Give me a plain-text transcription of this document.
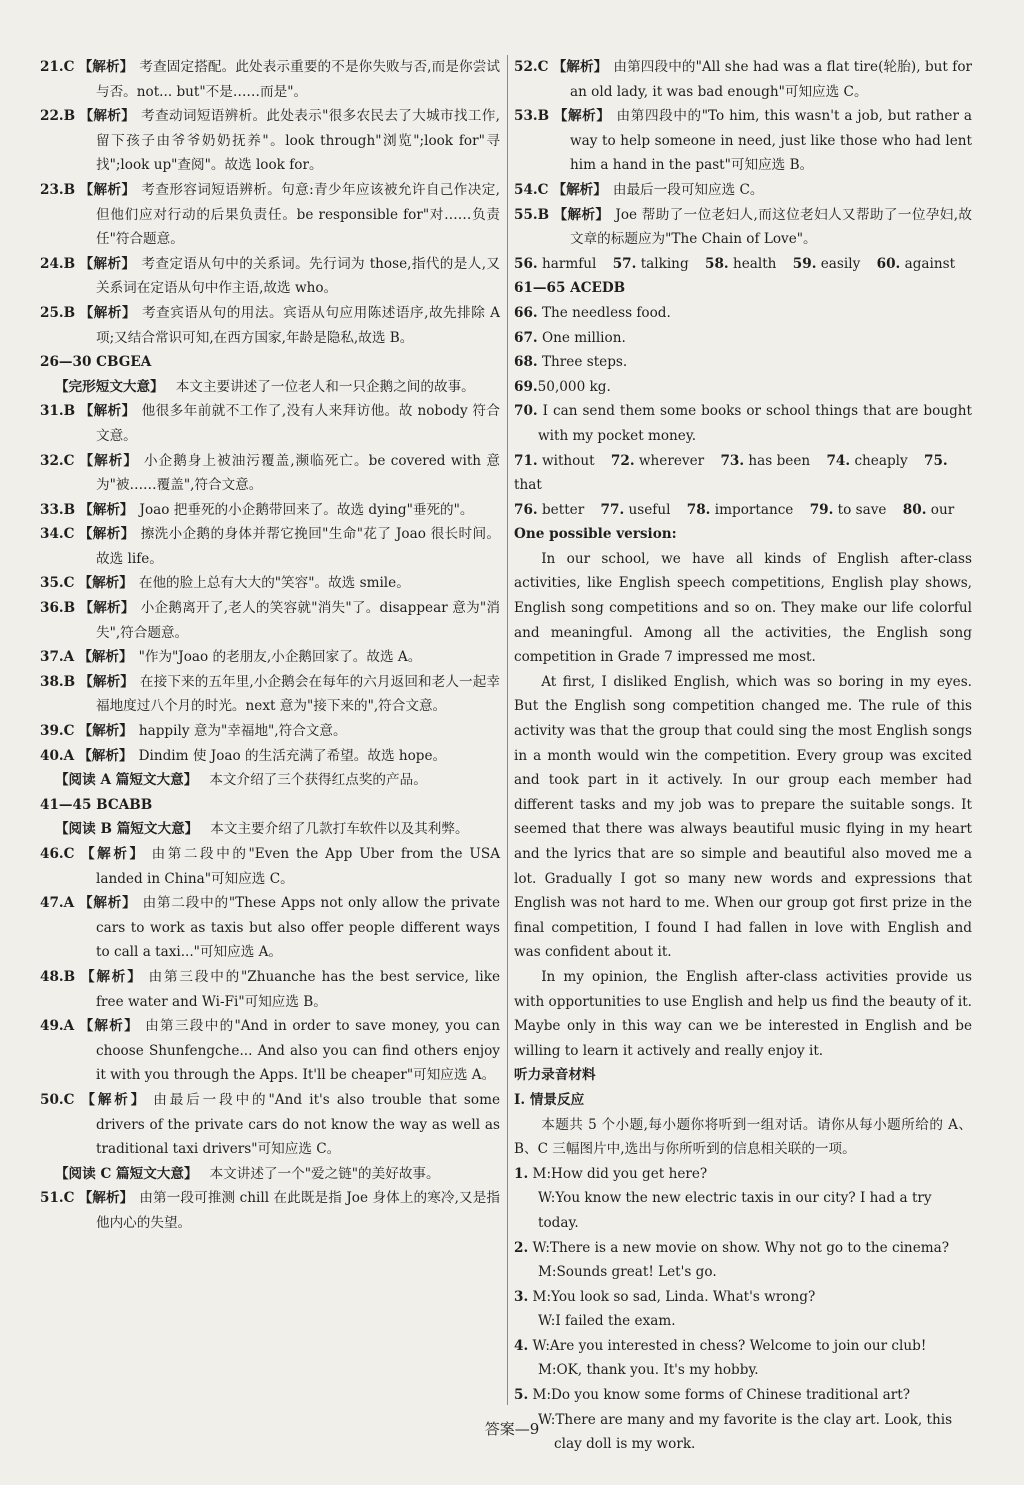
21.C 【解析】 考查固定搭配。此处表示重要的不是你失败与否,而是你尝试与否。not... but"不是……而是"。
22.B 【解析】 考查动词短语辨析。此处表示"很多农民去了大城市找工作,留下孩子由爷爷奶奶抚养"。look through"浏览";look for"寻找";look up"查阅"。故选 look for。
23.B 【解析】 考查形容词短语辨析。句意:青少年应该被允许自己作决定,但他们应对行动的后果负责任。be responsible for"对……负责任"符合题意。
24.B 【解析】 考查定语从句中的关系词。先行词为 those,指代的是人,又关系词在定语从句中作主语,故选 who。
25.B 【解析】 考查宾语从句的用法。宾语从句应用陈述语序,故先排除 A 项;又结合常识可知,在西方国家,年龄是隐私,故选 B。
26—30 CBGEA
【完形短文大意】 本文主要讲述了一位老人和一只企鹅之间的故事。
31.B 【解析】 他很多年前就不工作了,没有人来拜访他。故 nobody 符合文意。
32.C 【解析】 小企鹅身上被油污覆盖,濒临死亡。be covered with 意为"被……覆盖",符合文意。
33.B 【解析】 Joao 把垂死的小企鹅带回来了。故选 dying"垂死的"。
34.C 【解析】 擦洗小企鹅的身体并帮它挽回"生命"花了 Joao 很长时间。故选 life。
35.C 【解析】 在他的脸上总有大大的"笑容"。故选 smile。
36.B 【解析】 小企鹅离开了,老人的笑容就"消失"了。disappear 意为"消失",符合题意。
37.A 【解析】 "作为"Joao 的老朋友,小企鹅回家了。故选 A。
38.B 【解析】 在接下来的五年里,小企鹅会在每年的六月返回和老人一起幸福地度过八个月的时光。next 意为"接下来的",符合文意。
39.C 【解析】 happily 意为"幸福地",符合文意。
40.A 【解析】 Dindim 使 Joao 的生活充满了希望。故选 hope。
【阅读 A 篇短文大意】 本文介绍了三个获得红点奖的产品。
41—45 BCABB
【阅读 B 篇短文大意】 本文主要介绍了几款打车软件以及其利弊。
46.C 【解析】 由第二段中的"Even the App Uber from the USA landed in China"可知应选 C。
47.A 【解析】 由第二段中的"These Apps not only allow the private cars to work as taxis but also offer people different ways to call a taxi..."可知应选 A。
48.B 【解析】 由第三段中的"Zhuanche has the best service, like free water and Wi-Fi"可知应选 B。
49.A 【解析】 由第三段中的"And in order to save money, you can choose Shunfengche... And also you can find others enjoy it with you through the Apps. It'll be cheaper"可知应选 A。
50.C 【解析】 由最后一段中的"And it's also trouble that some drivers of the private cars do not know the way as well as traditional taxi drivers"可知应选 C。
【阅读 C 篇短文大意】 本文讲述了一个"爱之链"的美好故事。
51.C 【解析】 由第一段可推测 chill 在此既是指 Joe 身体上的寒冷,又是指他内心的失望。
52.C 【解析】 由第四段中的"All she had was a flat tire(轮胎), but for an old lady, it was bad enough"可知应选 C。
53.B 【解析】 由第四段中的"To him, this wasn't a job, but rather a way to help someone in need, just like those who had lent him a hand in the past"可知应选 B。
54.C 【解析】 由最后一段可知应选 C。
55.B 【解析】 Joe 帮助了一位老妇人,而这位老妇人又帮助了一位孕妇,故文章的标题应为"The Chain of Love"。
56. harmful 57. talking 58. health 59. easily 60. against
61—65 ACEDB
66. The needless food.
67. One million.
68. Three steps.
69.50,000 kg.
70. I can send them some books or school things that are bought with my pocket money.
71. without 72. wherever 73. has been 74. cheaply 75. that
76. better 77. useful 78. importance 79. to save 80. our
One possible version:
In our school, we have all kinds of English after-class activities, like English speech competitions, English play shows, English song competitions and so on. They make our life colorful and meaningful. Among all the activities, the English song competition in Grade 7 impressed me most.
At first, I disliked English, which was so boring in my eyes. But the English song competition changed me. The rule of this activity was that the group that could sing the most English songs in a month would win the competition. Every group was excited and took part in it actively. In our group each member had different tasks and my job was to prepare the suitable songs. It seemed that there was always beautiful music flying in my heart and the lyrics that are so simple and beautiful also moved me a lot. Gradually I got so many new words and expressions that English was not hard to me. When our group got first prize in the final competition, I found I had fallen in love with English and was confident about it.
In my opinion, the English after-class activities provide us with opportunities to use English and help us find the beauty of it. Maybe only in this way can we be interested in English and be willing to learn it actively and really enjoy it.
听力录音材料
Ⅰ. 情景反应
本题共 5 个小题,每小题你将听到一组对话。请你从每小题所给的 A、B、C 三幅图片中,选出与你所听到的信息相关联的一项。
1. M:How did you get here?
W:You know the new electric taxis in our city? I had a try today.
2. W:There is a new movie on show. Why not go to the cinema?
M:Sounds great! Let's go.
3. M:You look so sad, Linda. What's wrong?
W:I failed the exam.
4. W:Are you interested in chess? Welcome to join our club!
M:OK, thank you. It's my hobby.
5. M:Do you know some forms of Chinese traditional art?
W:There are many and my favorite is the clay art. Look, this clay doll is my work.
答案—9
